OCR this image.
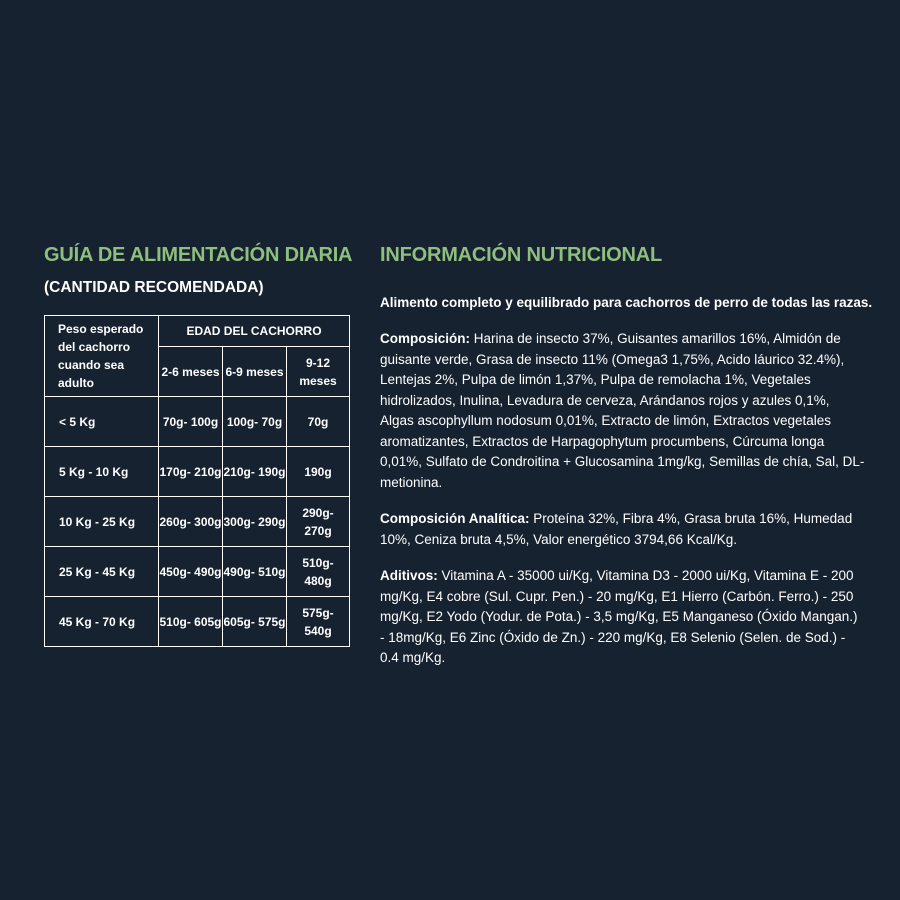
GUÍA DE ALIMENTACIÓN DIARIA
(CANTIDAD RECOMENDADA)
Peso esperado del cachorro cuando sea adulto	EDAD DEL CACHORRO		
	2-6 meses	6-9 meses	9-12 meses
< 5 Kg	70g- 100g	100g- 70g	70g
5 Kg - 10 Kg	170g- 210g	210g- 190g	190g
10 Kg - 25 Kg	260g- 300g	300g- 290g	290g- 270g
25 Kg - 45 Kg	450g- 490g	490g- 510g	510g- 480g
45 Kg - 70 Kg	510g- 605g	605g- 575g	575g- 540g
INFORMACIÓN NUTRICIONAL

Alimento completo y equilibrado para cachorros de perro de todas las razas.

Composición: Harina de insecto 37%, Guisantes amarillos 16%, Almidón de guisante verde, Grasa de insecto 11% (Omega3 1,75%, Acido láurico 32.4%), Lentejas 2%, Pulpa de limón 1,37%, Pulpa de remolacha 1%, Vegetales hidrolizados, Inulina, Levadura de cerveza, Arándanos rojos y azules 0,1%, Algas ascophyllum nodosum 0,01%, Extracto de limón, Extractos vegetales aromatizantes, Extractos de Harpagophytum procumbens, Cúrcuma longa 0,01%, Sulfato de Condroitina + Glucosamina 1mg/kg, Semillas de chía, Sal, DL-metionina.

Composición Analítica: Proteína 32%, Fibra 4%, Grasa bruta 16%, Humedad 10%, Ceniza bruta 4,5%, Valor energético 3794,66 Kcal/Kg.

Aditivos: Vitamina A - 35000 ui/Kg, Vitamina D3 - 2000 ui/Kg, Vitamina E - 200 mg/Kg, E4 cobre (Sul. Cupr. Pen.) - 20 mg/Kg, E1 Hierro (Carbón. Ferro.) - 250 mg/Kg, E2 Yodo (Yodur. de Pota.) - 3,5 mg/Kg, E5 Manganeso (Óxido Mangan.) - 18mg/Kg, E6 Zinc (Óxido de Zn.) - 220 mg/Kg, E8 Selenio (Selen. de Sod.) - 0.4 mg/Kg.
